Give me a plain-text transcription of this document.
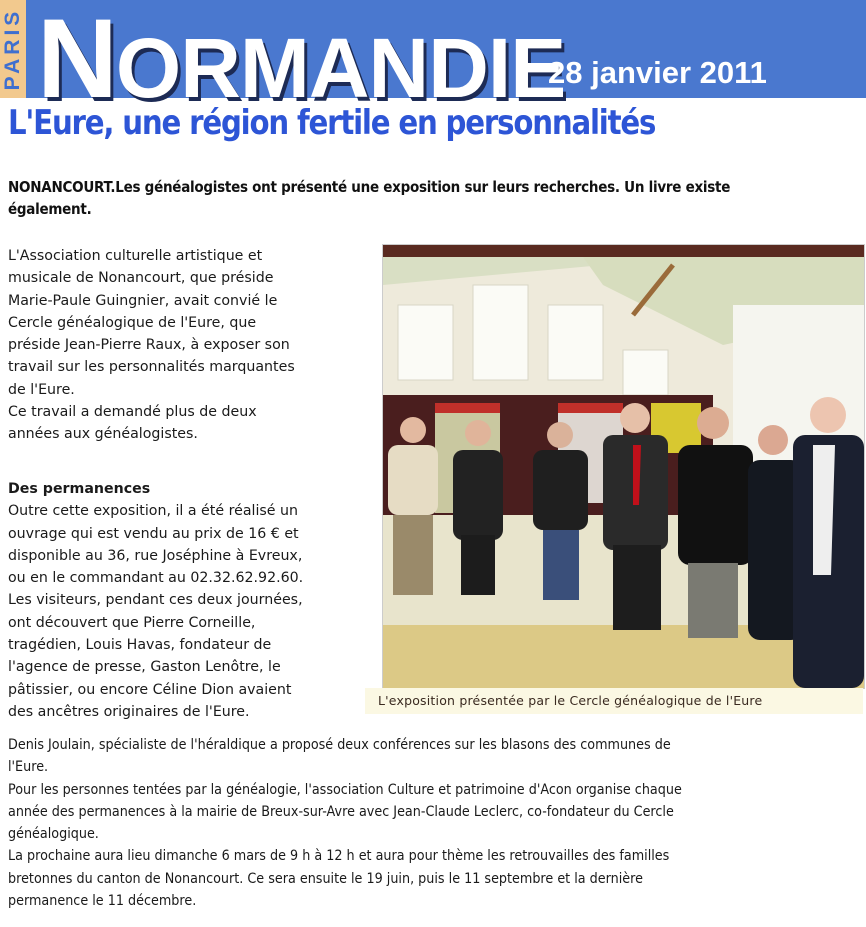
PARIS NORMANDIE
28 janvier 2011
L'Eure, une région fertile en personnalités
NONANCOURT.Les généalogistes ont présenté une exposition sur leurs recherches. Un livre existe
également.

L'Association culturelle artistique et

musicale de Nonancourt, que préside

Marie-Paule Guingnier, avait convié le

Cercle généalogique de l'Eure, que

préside Jean-Pierre Raux, à exposer son

travail sur les personnalités marquantes

de l'Eure.

Ce travail a demandé plus de deux

années aux généalogistes.

Des permanences

Outre cette exposition, il a été réalisé un

ouvrage qui est vendu au prix de 16 € et

disponible au 36, rue Joséphine à Evreux,

ou en le commandant au 02.32.62.92.60.

Les visiteurs, pendant ces deux journées,

ont découvert que Pierre Corneille,

tragédien, Louis Havas, fondateur de

l'agence de presse, Gaston Lenôtre, le

pâtissier, ou encore Céline Dion avaient

des ancêtres originaires de l'Eure.

L'exposition présentée par le Cercle généalogique de l'Eure

Denis Joulain, spécialiste de l'héraldique a proposé deux conférences sur les blasons des communes de

l'Eure.

Pour les personnes tentées par la généalogie, l'association Culture et patrimoine d'Acon organise chaque

année des permanences à la mairie de Breux-sur-Avre avec Jean-Claude Leclerc, co-fondateur du Cercle

généalogique.

La prochaine aura lieu dimanche 6 mars de 9 h à 12 h et aura pour thème les retrouvailles des familles

bretonnes du canton de Nonancourt. Ce sera ensuite le 19 juin, puis le 11 septembre et la dernière

permanence le 11 décembre.
